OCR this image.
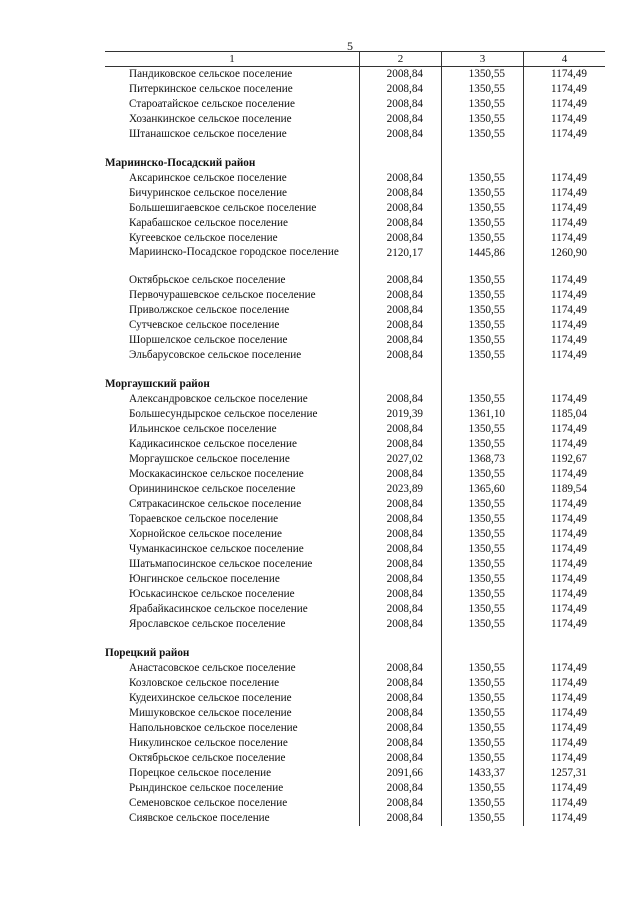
5
1	2	3	4
Пандиковское сельское поселение	2008,84	1350,55	1174,49
Питеркинское сельское поселение	2008,84	1350,55	1174,49
Староатайское сельское поселение	2008,84	1350,55	1174,49
Хозанкинское сельское поселение	2008,84	1350,55	1174,49
Штанашское сельское поселение	2008,84	1350,55	1174,49

Мариинско-Посадский район			
Аксаринское сельское поселение	2008,84	1350,55	1174,49
Бичуринское сельское поселение	2008,84	1350,55	1174,49
Большешигаевское сельское поселение	2008,84	1350,55	1174,49
Карабашское сельское поселение	2008,84	1350,55	1174,49
Кугеевское сельское поселение	2008,84	1350,55	1174,49
Мариинско-Посадское городское поселение	2120,17	1445,86	1260,90
Октябрьское сельское поселение	2008,84	1350,55	1174,49
Первочурашевское сельское поселение	2008,84	1350,55	1174,49
Приволжское сельское поселение	2008,84	1350,55	1174,49
Сутчевское сельское поселение	2008,84	1350,55	1174,49
Шоршелское сельское поселение	2008,84	1350,55	1174,49
Эльбарусовское сельское поселение	2008,84	1350,55	1174,49

Моргаушский район			
Александровское сельское поселение	2008,84	1350,55	1174,49
Большесундырское сельское поселение	2019,39	1361,10	1185,04
Ильинское сельское поселение	2008,84	1350,55	1174,49
Кадикасинское сельское поселение	2008,84	1350,55	1174,49
Моргаушское сельское поселение	2027,02	1368,73	1192,67
Москакасинское сельское поселение	2008,84	1350,55	1174,49
Оринининское сельское поселение	2023,89	1365,60	1189,54
Сятракасинское сельское поселение	2008,84	1350,55	1174,49
Тораевское сельское поселение	2008,84	1350,55	1174,49
Хорнойское сельское поселение	2008,84	1350,55	1174,49
Чуманкасинское сельское поселение	2008,84	1350,55	1174,49
Шатьмапосинское сельское поселение	2008,84	1350,55	1174,49
Юнгинское сельское поселение	2008,84	1350,55	1174,49
Юськасинское сельское поселение	2008,84	1350,55	1174,49
Ярабайкасинское сельское поселение	2008,84	1350,55	1174,49
Ярославское сельское поселение	2008,84	1350,55	1174,49

Порецкий район			
Анастасовское сельское поселение	2008,84	1350,55	1174,49
Козловское сельское поселение	2008,84	1350,55	1174,49
Кудеихинское сельское поселение	2008,84	1350,55	1174,49
Мишуковское сельское поселение	2008,84	1350,55	1174,49
Напольновское сельское поселение	2008,84	1350,55	1174,49
Никулинское сельское поселение	2008,84	1350,55	1174,49
Октябрьское сельское поселение	2008,84	1350,55	1174,49
Порецкое сельское поселение	2091,66	1433,37	1257,31
Рындинское сельское поселение	2008,84	1350,55	1174,49
Семеновское сельское поселение	2008,84	1350,55	1174,49
Сиявское сельское поселение	2008,84	1350,55	1174,49
